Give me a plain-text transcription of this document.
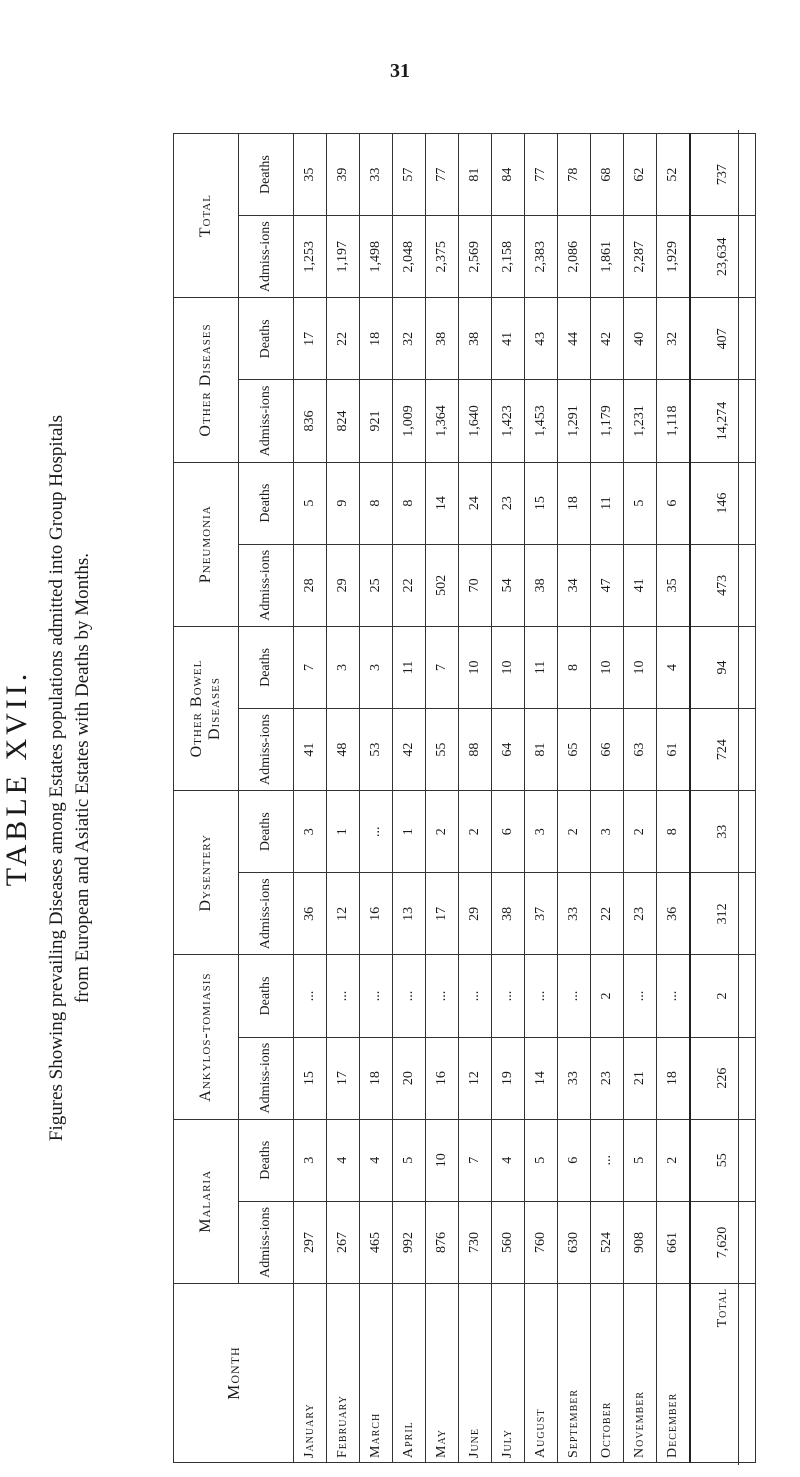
31

TABLE XVII. Figures Showing prevailing Diseases among Estates populations admitted into Group Hospitals from European and Asiatic Estates with Deaths by Months.

Month	Malaria		Ankylos-tomiasis		Dysentery		Other Bowel Diseases		Pneumonia		Other Diseases		Total	
	Admiss-ions	Deaths	Admiss-ions	Deaths	Admiss-ions	Deaths	Admiss-ions	Deaths	Admiss-ions	Deaths	Admiss-ions	Deaths	Admiss-ions	Deaths
January	297	3	15	...	36	3	41	7	28	5	836	17	1,253	35
February	267	4	17	...	12	1	48	3	29	9	824	22	1,197	39
March	465	4	18	...	16	...	53	3	25	8	921	18	1,498	33
April	992	5	20	...	13	1	42	11	22	8	1,009	32	2,048	57
May	876	10	16	...	17	2	55	7	502	14	1,364	38	2,375	77
June	730	7	12	...	29	2	88	10	70	24	1,640	38	2,569	81
July	560	4	19	...	38	6	64	10	54	23	1,423	41	2,158	84
August	760	5	14	...	37	3	81	11	38	15	1,453	43	2,383	77
September	630	6	33	...	33	2	65	8	34	18	1,291	44	2,086	78
October	524	...	23	2	22	3	66	10	47	11	1,179	42	1,861	68
November	908	5	21	...	23	2	63	10	41	5	1,231	40	2,287	62
December	661	2	18	...	36	8	61	4	35	6	1,118	32	1,929	52
Total	7,620	55	226	2	312	33	724	94	473	146	14,274	407	23,634	737
